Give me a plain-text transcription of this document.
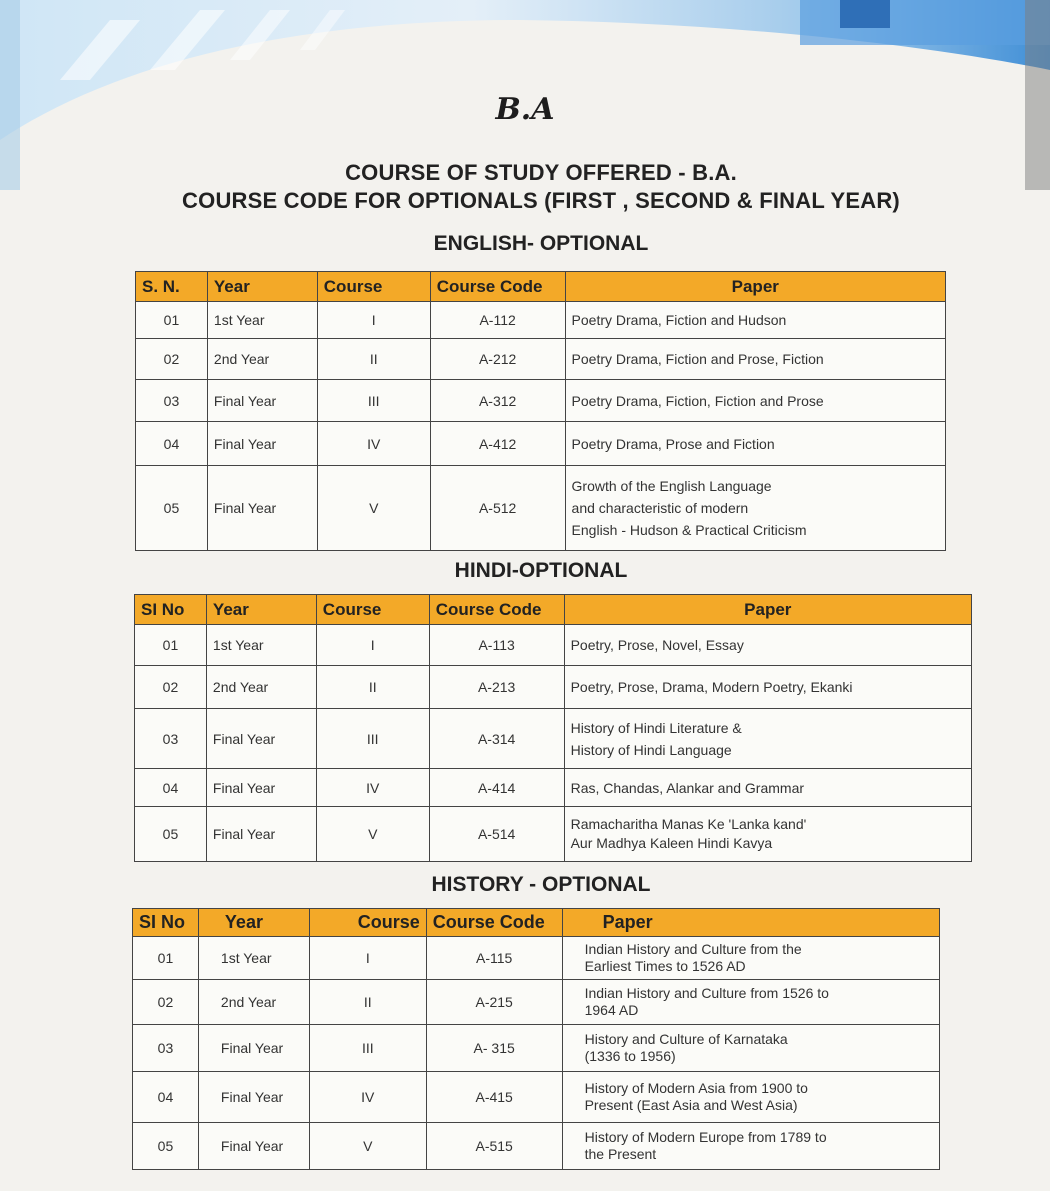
B.A
COURSE OF STUDY OFFERED - B.A.
COURSE CODE FOR OPTIONALS (FIRST , SECOND & FINAL YEAR)
ENGLISH- OPTIONAL
S. N.	Year	Course	Course Code	Paper
01	1st Year	I	A-112	Poetry Drama, Fiction and Hudson

02	2nd Year	II	A-212	Poetry Drama, Fiction and Prose, Fiction

03	Final Year	III	A-312	Poetry Drama, Fiction, Fiction and Prose

04	Final Year	IV	A-412	Poetry Drama, Prose and Fiction

05	Final Year	V	A-512	Growth of the English Language
and characteristic of modern
English - Hudson & Practical Criticism
HINDI-OPTIONAL
SI No	Year	Course	Course Code	Paper
01	1st Year	I	A-113	Poetry, Prose, Novel, Essay

02	2nd Year	II	A-213	Poetry, Prose, Drama, Modern Poetry, Ekanki

03	Final Year	III	A-314	History of Hindi Literature &
History of Hindi Language

04	Final Year	IV	A-414	Ras, Chandas, Alankar and Grammar

05	Final Year	V	A-514	Ramacharitha Manas Ke 'Lanka kand'
Aur Madhya Kaleen Hindi Kavya
HISTORY - OPTIONAL
SI No	Year	Course	Course Code	Paper
01	1st Year	I	A-115	Indian History and Culture from the
Earliest Times to 1526 AD

02	2nd Year	II	A-215	Indian History and Culture from 1526 to
1964 AD

03	Final Year	III	A- 315	History and Culture of Karnataka
(1336 to 1956)

04	Final Year	IV	A-415	History of Modern Asia from 1900 to
Present (East Asia and West Asia)

05	Final Year	V	A-515	History of Modern Europe from 1789 to
the Present
